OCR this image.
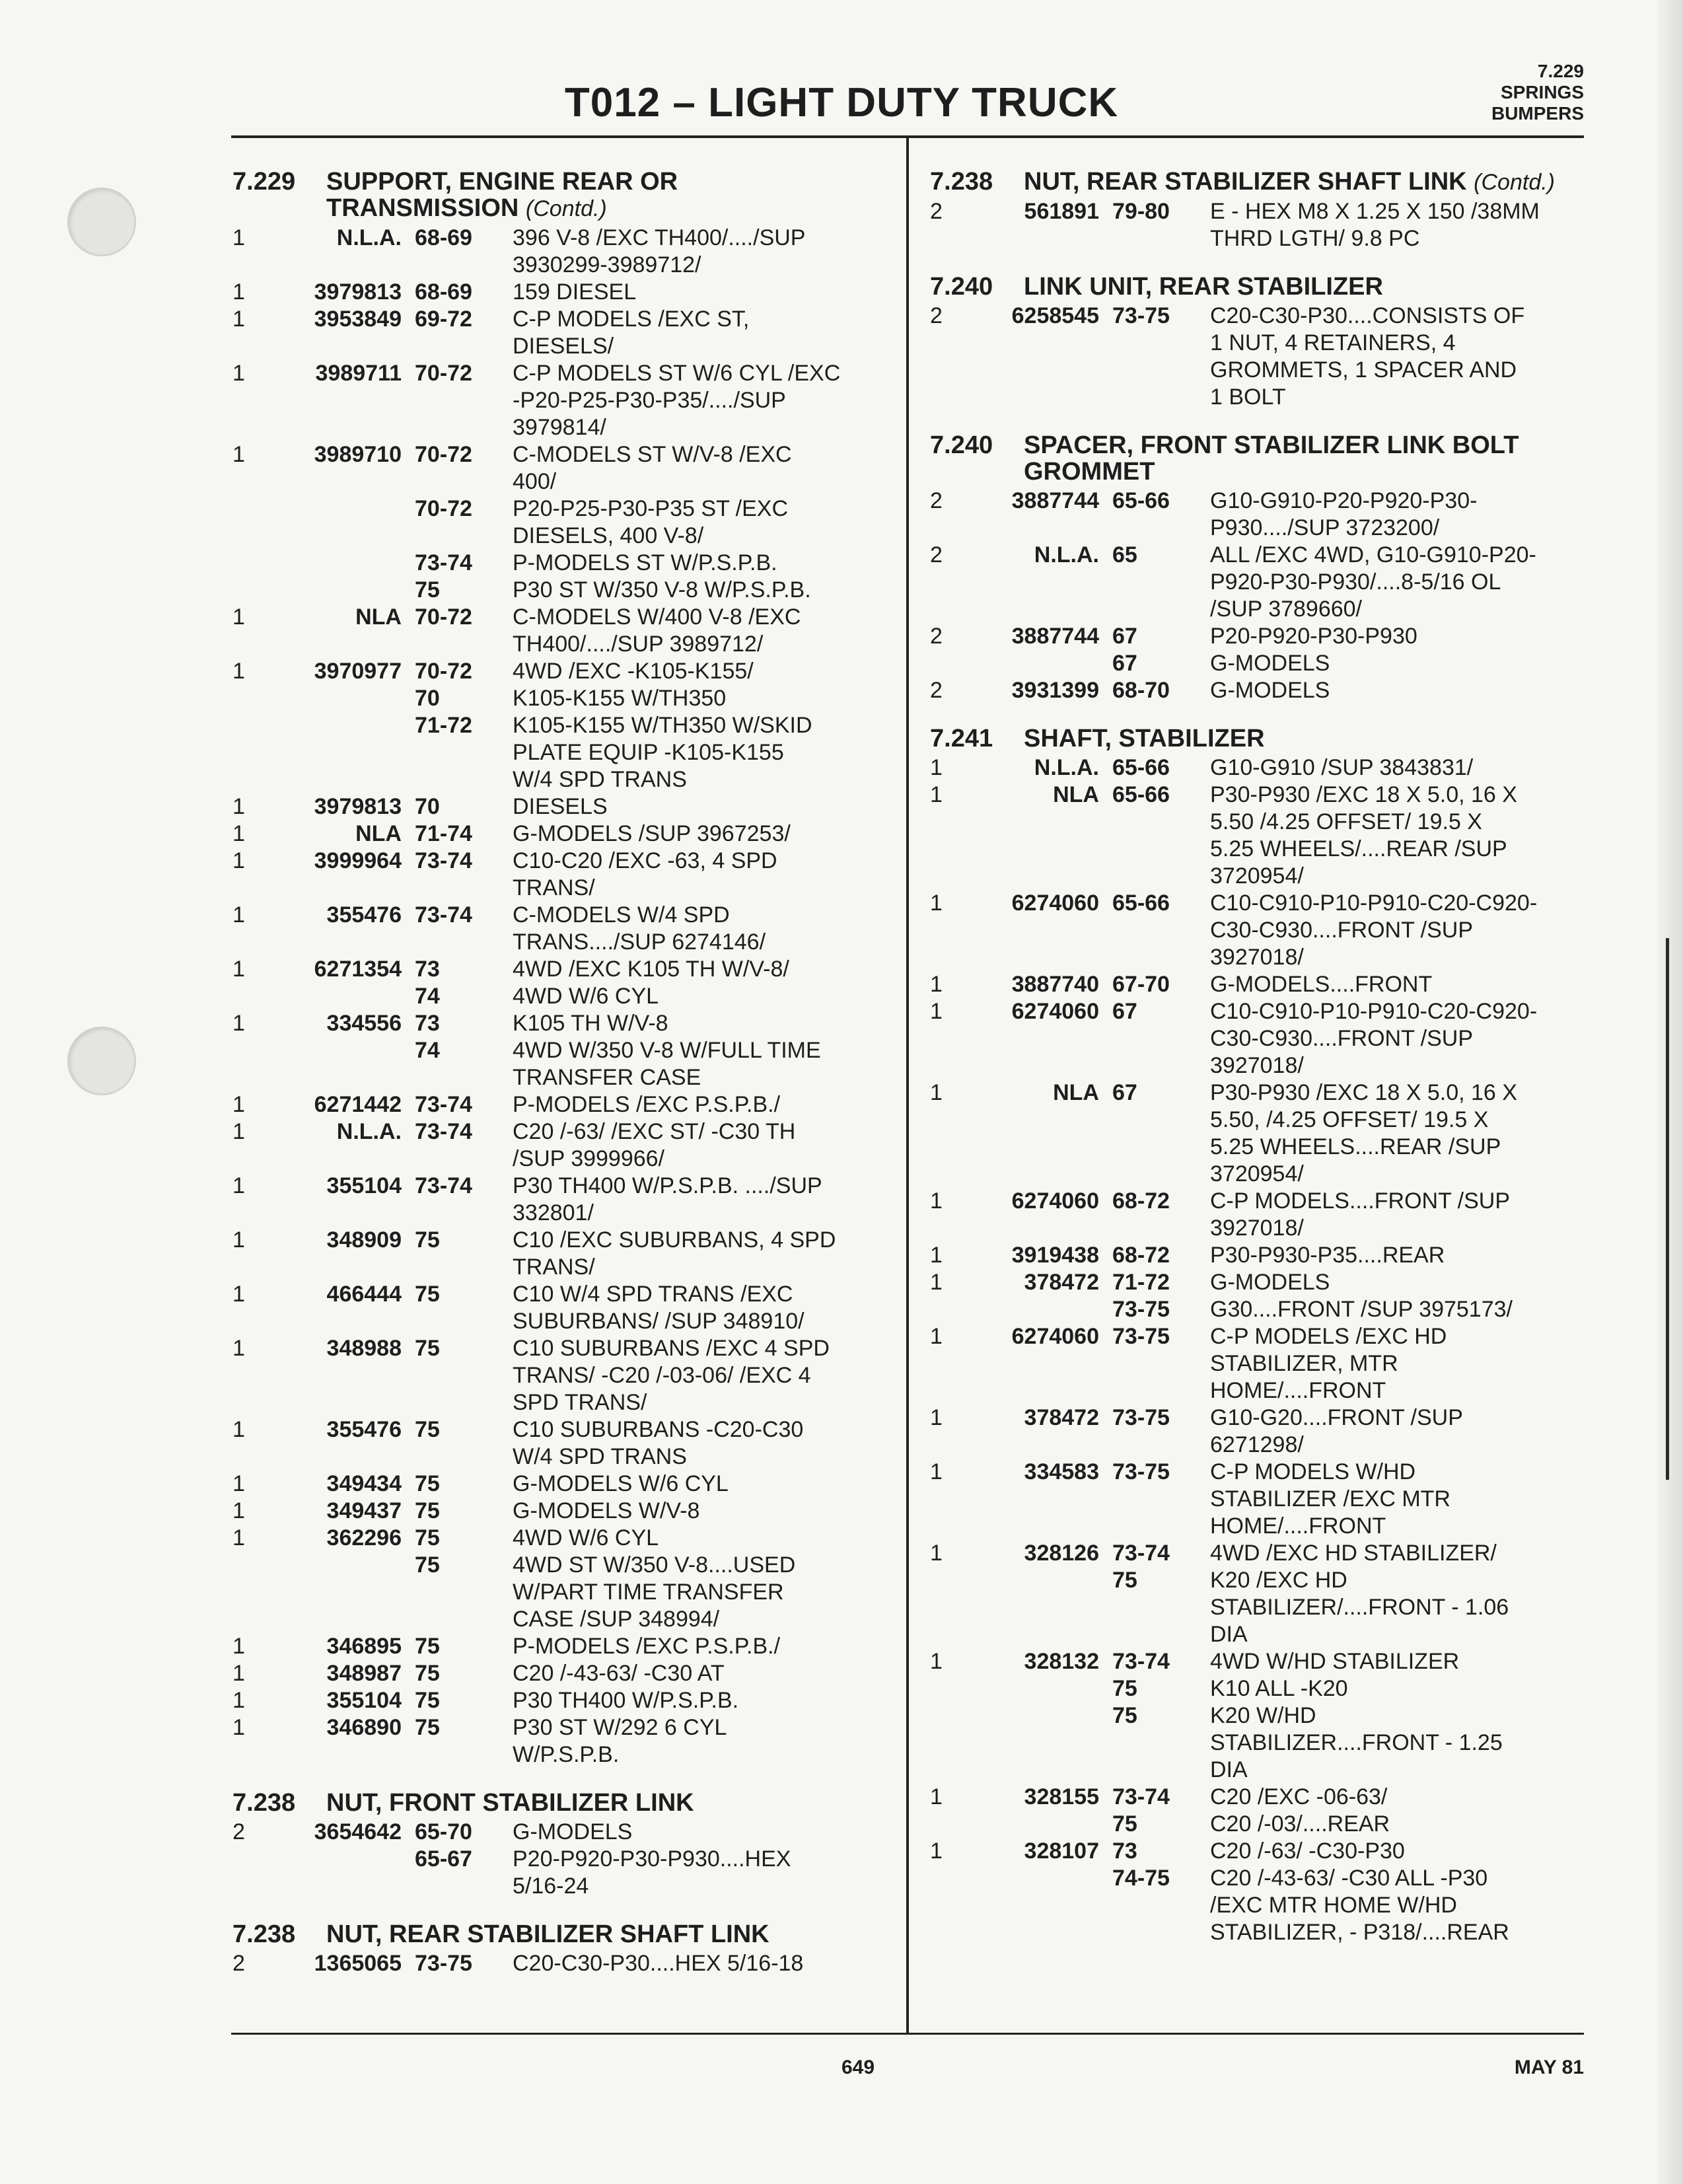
T012 – LIGHT DUTY TRUCK
7.229
SPRINGS
BUMPERS
7.229	SUPPORT, ENGINE REAR OR
TRANSMISSION (Contd.)
1	N.L.A. 68-69	396 V-8 /EXC TH400/..../SUP
3930299-3989712/
1	3979813 68-69	159 DIESEL
1	3953849 69-72	C-P MODELS /EXC ST,
DIESELS/
1	3989711 70-72	C-P MODELS ST W/6 CYL /EXC
-P20-P25-P30-P35/..../SUP
3979814/
1	3989710 70-72	C-MODELS ST W/V-8 /EXC
400/
70-72	P20-P25-P30-P35 ST /EXC
DIESELS, 400 V-8/
73-74	P-MODELS ST W/P.S.P.B.
75	P30 ST W/350 V-8 W/P.S.P.B.
1	NLA 70-72	C-MODELS W/400 V-8 /EXC
TH400/..../SUP 3989712/
1	3970977 70-72	4WD /EXC -K105-K155/
70	K105-K155 W/TH350
71-72	K105-K155 W/TH350 W/SKID
PLATE EQUIP -K105-K155
W/4 SPD TRANS
1	3979813 70	DIESELS
1	NLA 71-74	G-MODELS /SUP 3967253/
1	3999964 73-74	C10-C20 /EXC -63, 4 SPD
TRANS/
1	355476 73-74	C-MODELS W/4 SPD
TRANS..../SUP 6274146/
1	6271354 73	4WD /EXC K105 TH W/V-8/
74	4WD W/6 CYL
1	334556 73	K105 TH W/V-8
74	4WD W/350 V-8 W/FULL TIME
TRANSFER CASE
1	6271442 73-74	P-MODELS /EXC P.S.P.B./
1	N.L.A. 73-74	C20 /-63/ /EXC ST/ -C30 TH
/SUP 3999966/
1	355104 73-74	P30 TH400 W/P.S.P.B. ..../SUP
332801/
1	348909 75	C10 /EXC SUBURBANS, 4 SPD
TRANS/
1	466444 75	C10 W/4 SPD TRANS /EXC
SUBURBANS/ /SUP 348910/
1	348988 75	C10 SUBURBANS /EXC 4 SPD
TRANS/ -C20 /-03-06/ /EXC 4
SPD TRANS/
1	355476 75	C10 SUBURBANS -C20-C30
W/4 SPD TRANS
1	349434 75	G-MODELS W/6 CYL
1	349437 75	G-MODELS W/V-8
1	362296 75	4WD W/6 CYL
75	4WD ST W/350 V-8....USED
W/PART TIME TRANSFER
CASE /SUP 348994/
1	346895 75	P-MODELS /EXC P.S.P.B./
1	348987 75	C20 /-43-63/ -C30 AT
1	355104 75	P30 TH400 W/P.S.P.B.
1	346890 75	P30 ST W/292 6 CYL
W/P.S.P.B.
7.238	NUT, FRONT STABILIZER LINK
2	3654642 65-70	G-MODELS
65-67	P20-P920-P30-P930....HEX
5/16-24
7.238	NUT, REAR STABILIZER SHAFT LINK
2	1365065 73-75	C20-C30-P30....HEX 5/16-18
7.238	NUT, REAR STABILIZER SHAFT LINK (Contd.)
2	561891 79-80	E - HEX M8 X 1.25 X 150 /38MM
THRD LGTH/ 9.8 PC
7.240	LINK UNIT, REAR STABILIZER
2	6258545 73-75	C20-C30-P30....CONSISTS OF
1 NUT, 4 RETAINERS, 4
GROMMETS, 1 SPACER AND
1 BOLT
7.240	SPACER, FRONT STABILIZER LINK BOLT
GROMMET
2	3887744 65-66	G10-G910-P20-P920-P30-
P930..../SUP 3723200/
2	N.L.A. 65	ALL /EXC 4WD, G10-G910-P20-
P920-P30-P930/....8-5/16 OL
/SUP 3789660/
2	3887744 67	P20-P920-P30-P930
67	G-MODELS
2	3931399 68-70	G-MODELS
7.241	SHAFT, STABILIZER
1	N.L.A. 65-66	G10-G910 /SUP 3843831/
1	NLA 65-66	P30-P930 /EXC 18 X 5.0, 16 X
5.50 /4.25 OFFSET/ 19.5 X
5.25 WHEELS/....REAR /SUP
3720954/
1	6274060 65-66	C10-C910-P10-P910-C20-C920-
C30-C930....FRONT /SUP
3927018/
1	3887740 67-70	G-MODELS....FRONT
1	6274060 67	C10-C910-P10-P910-C20-C920-
C30-C930....FRONT /SUP
3927018/
1	NLA 67	P30-P930 /EXC 18 X 5.0, 16 X
5.50, /4.25 OFFSET/ 19.5 X
5.25 WHEELS....REAR /SUP
3720954/
1	6274060 68-72	C-P MODELS....FRONT /SUP
3927018/
1	3919438 68-72	P30-P930-P35....REAR
1	378472 71-72	G-MODELS
73-75	G30....FRONT /SUP 3975173/
1	6274060 73-75	C-P MODELS /EXC HD
STABILIZER, MTR
HOME/....FRONT
1	378472 73-75	G10-G20....FRONT /SUP
6271298/
1	334583 73-75	C-P MODELS W/HD
STABILIZER /EXC MTR
HOME/....FRONT
1	328126 73-74	4WD /EXC HD STABILIZER/
75	K20 /EXC HD
STABILIZER/....FRONT - 1.06
DIA
1	328132 73-74	4WD W/HD STABILIZER
75	K10 ALL -K20
75	K20 W/HD
STABILIZER....FRONT - 1.25
DIA
1	328155 73-74	C20 /EXC -06-63/
75	C20 /-03/....REAR
1	328107 73	C20 /-63/ -C30-P30
74-75	C20 /-43-63/ -C30 ALL -P30
/EXC MTR HOME W/HD
STABILIZER, - P318/....REAR
649	MAY 81
